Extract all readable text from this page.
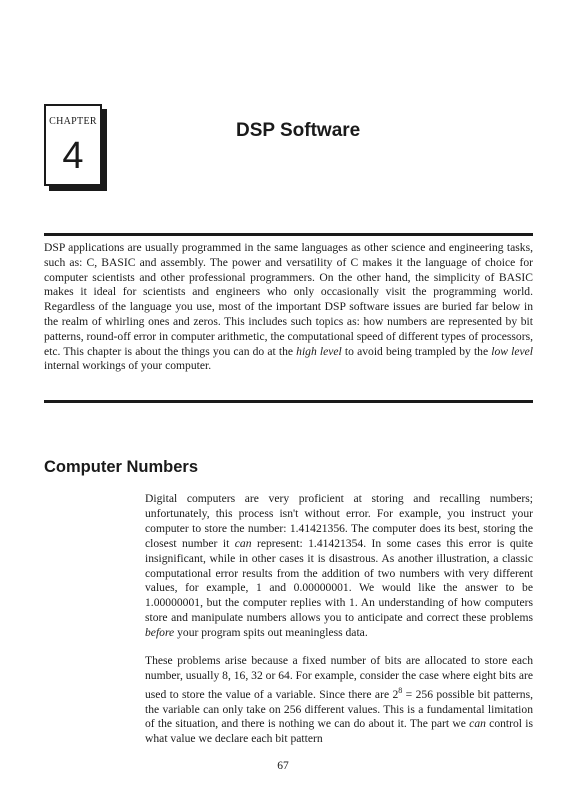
CHAPTER
4
DSP Software

DSP applications are usually programmed in the same languages as other science and engineering tasks, such as: C, BASIC and assembly. The power and versatility of C makes it the language of choice for computer scientists and other professional programmers. On the other hand, the simplicity of BASIC makes it ideal for scientists and engineers who only occasionally visit the programming world. Regardless of the language you use, most of the important DSP software issues are buried far below in the realm of whirling ones and zeros. This includes such topics as: how numbers are represented by bit patterns, round-off error in computer arithmetic, the computational speed of different types of processors, etc. This chapter is about the things you can do at the high level to avoid being trampled by the low level internal workings of your computer.

Computer Numbers

Digital computers are very proficient at storing and recalling numbers; unfortunately, this process isn't without error. For example, you instruct your computer to store the number: 1.41421356. The computer does its best, storing the closest number it can represent: 1.41421354. In some cases this error is quite insignificant, while in other cases it is disastrous. As another illustration, a classic computational error results from the addition of two numbers with very different values, for example, 1 and 0.00000001. We would like the answer to be 1.00000001, but the computer replies with 1. An understanding of how computers store and manipulate numbers allows you to anticipate and correct these problems before your program spits out meaningless data.

These problems arise because a fixed number of bits are allocated to store each number, usually 8, 16, 32 or 64. For example, consider the case where eight bits are used to store the value of a variable. Since there are $2^8 = 256$ possible bit patterns, the variable can only take on 256 different values. This is a fundamental limitation of the situation, and there is nothing we can do about it. The part we can control is what value we declare each bit pattern

67
